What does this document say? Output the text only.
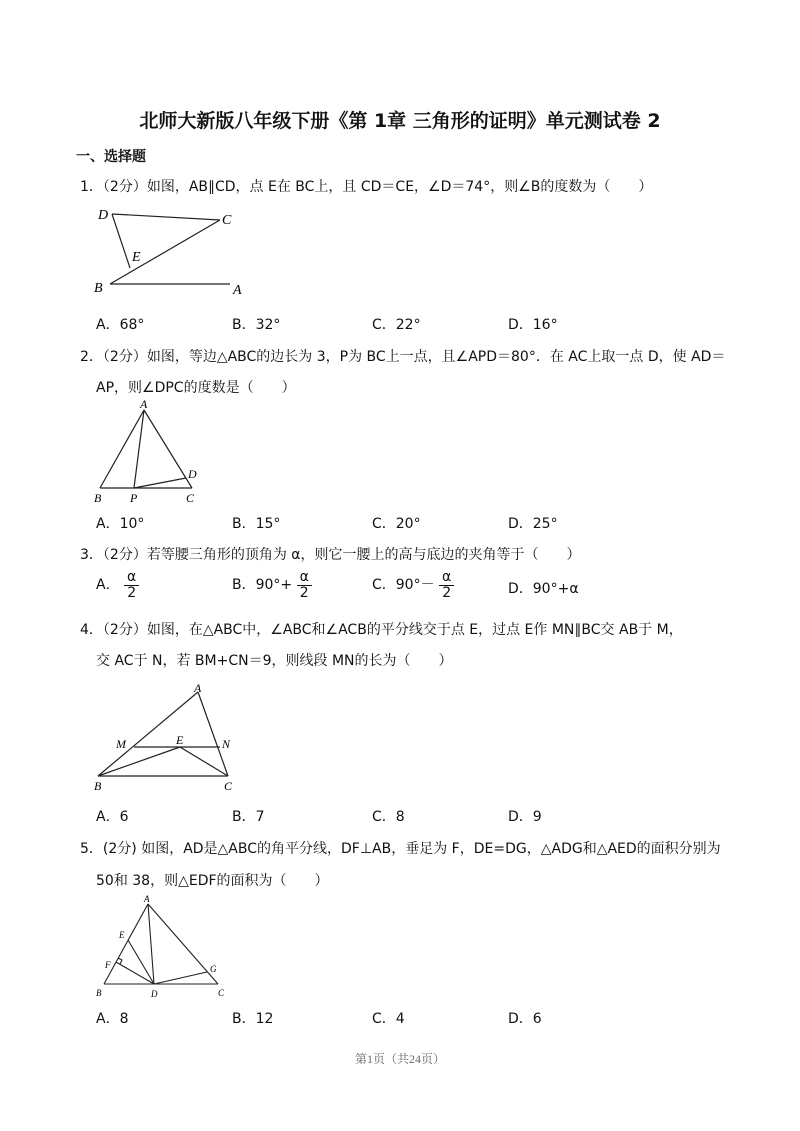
北师大新版八年级下册《第 1章 三角形的证明》单元测试卷 2
一、选择题
1．（2分）如图，AB∥CD，点 E在 BC上，且 CD＝CE，∠D＝74°，则∠B的度数为（　　）
D	C
E
B	A
A．68°	B．32°	C．22°	D．16°
2．（2分）如图，等边△ABC的边长为 3，P为 BC上一点，且∠APD＝80°．在 AC上取一点 D，使 AD＝
AP，则∠DPC的度数是（　　）
A
D
B P	C
A．10°	B．15°	C．20°	D．25°
3．（2分）若等腰三角形的顶角为 α，则它一腰上的高与底边的夹角等于（　　）
A． $\frac{\alpha}{2}$	B．$90^\circ+ \frac{\alpha}{2}$	C．$90^\circ- \frac{\alpha}{2}$	D．90°+α
4．（2分）如图，在△ABC中，∠ABC和∠ACB的平分线交于点 E，过点 E作 MN∥BC交 AB于 M，
交 AC于 N，若 BM+CN＝9，则线段 MN的长为（　　）
A
M	E	N
B	C
A．6	B．7	C．8	D．9
5．(2分) 如图，AD是△ABC的角平分线，DF⊥AB，垂足为 F，DE=DG，△ADG和△AED的面积分别为
50和 38，则△EDF的面积为（　　）
A
E
F	G
B	D	C
A．8	B．12	C．4	D．6
第1页（共24页）
